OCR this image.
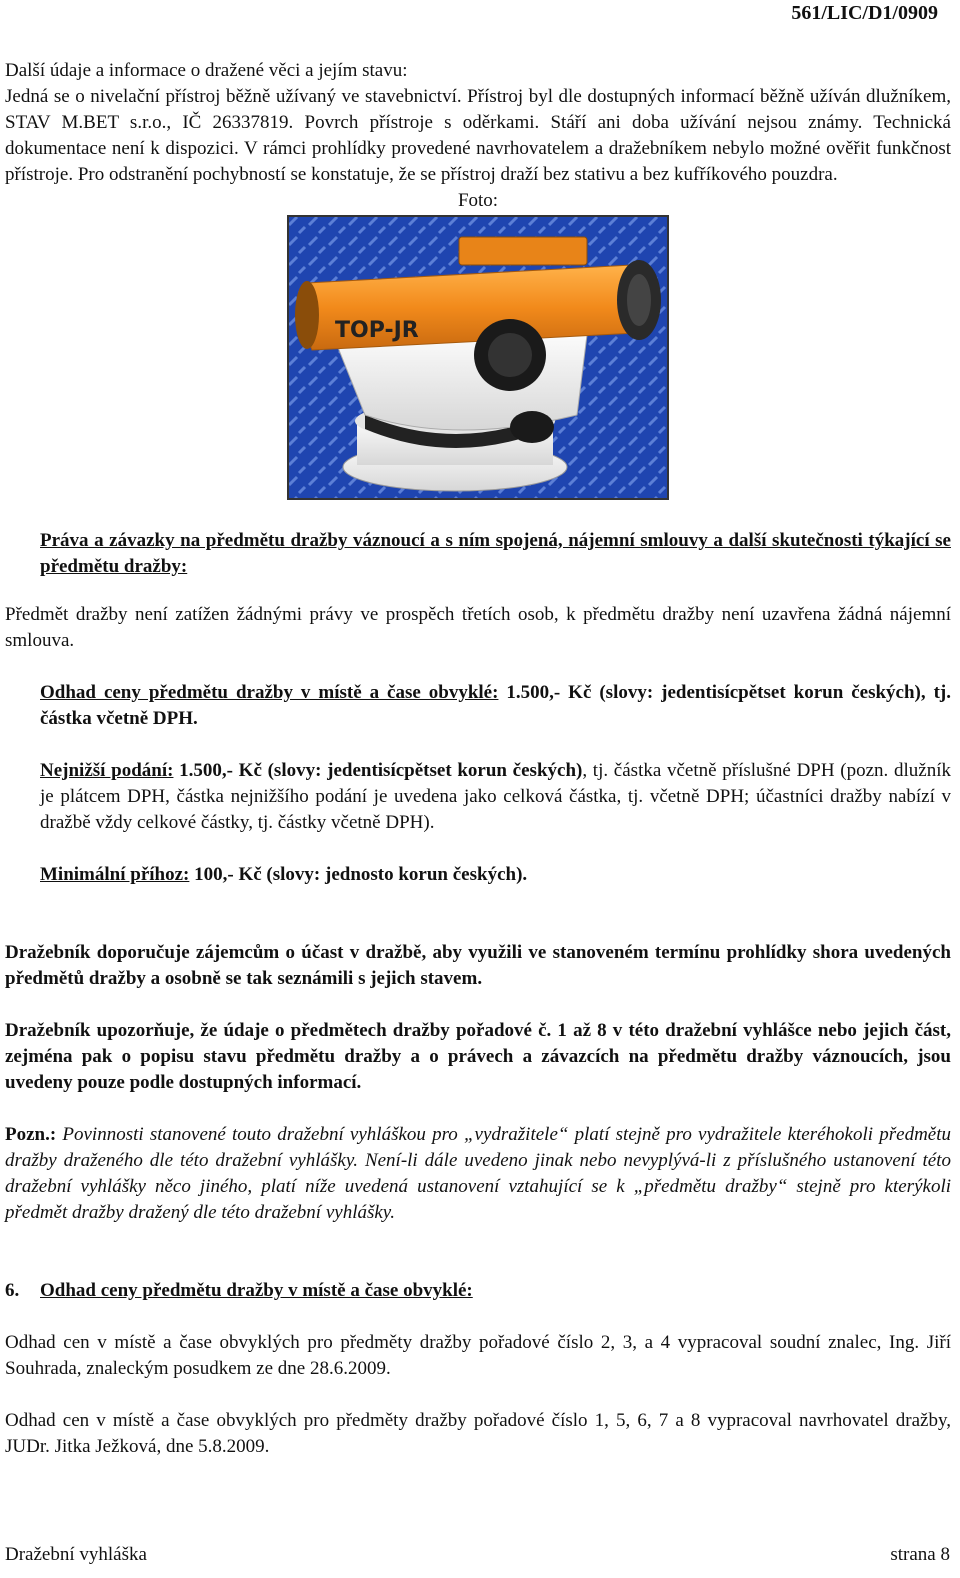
561/LIC/D1/0909

Další údaje a informace o dražené věci a jejím stavu:

Jedná se o nivelační přístroj běžně užívaný ve stavebnictví. Přístroj byl dle dostupných informací běžně užíván dlužníkem, STAV M.BET s.r.o., IČ 26337819. Povrch přístroje s oděrkami. Stáří ani doba užívání nejsou známy. Technická dokumentace není k dispozici. V rámci prohlídky provedené navrhovatelem a dražebníkem nebylo možné ověřit funkčnost přístroje. Pro odstranění pochybností se konstatuje, že se přístroj draží bez stativu a bez kufříkového pouzdra.

Foto:

TOP-JR

Práva a závazky na předmětu dražby váznoucí a s ním spojená, nájemní smlouvy a další skutečnosti týkající se předmětu dražby:

Předmět dražby není zatížen žádnými právy ve prospěch třetích osob, k předmětu dražby není uzavřena žádná nájemní smlouva.

Odhad ceny předmětu dražby v místě a čase obvyklé: 1.500,- Kč (slovy: jedentisícpětset korun českých), tj. částka včetně DPH.

Nejnižší podání: 1.500,- Kč (slovy: jedentisícpětset korun českých), tj. částka včetně příslušné DPH (pozn. dlužník je plátcem DPH, částka nejnižšího podání je uvedena jako celková částka, tj. včetně DPH; účastníci dražby nabízí v dražbě vždy celkové částky, tj. částky včetně DPH).

Minimální příhoz: 100,- Kč (slovy: jednosto korun českých).

Dražebník doporučuje zájemcům o účast v dražbě, aby využili ve stanoveném termínu prohlídky shora uvedených předmětů dražby a osobně se tak seznámili s jejich stavem.

Dražebník upozorňuje, že údaje o předmětech dražby pořadové č. 1 až 8 v této dražební vyhlášce nebo jejich část, zejména pak o popisu stavu předmětu dražby a o právech a závazcích na předmětu dražby váznoucích, jsou uvedeny pouze podle dostupných informací.

Pozn.: Povinnosti stanovené touto dražební vyhláškou pro „vydražitele“ platí stejně pro vydražitele kteréhokoli předmětu dražby draženého dle této dražební vyhlášky. Není-li dále uvedeno jinak nebo nevyplývá-li z příslušného ustanovení této dražební vyhlášky něco jiného, platí níže uvedená ustanovení vztahující se k „předmětu dražby“ stejně pro kterýkoli předmět dražby dražený dle této dražební vyhlášky.

6. Odhad ceny předmětu dražby v místě a čase obvyklé:

Odhad cen v místě a čase obvyklých pro předměty dražby pořadové číslo 2, 3, a 4 vypracoval soudní znalec, Ing. Jiří Souhrada, znaleckým posudkem ze dne 28.6.2009.

Odhad cen v místě a čase obvyklých pro předměty dražby pořadové číslo 1, 5, 6, 7 a 8 vypracoval navrhovatel dražby, JUDr. Jitka Ježková, dne 5.8.2009.

Dražební vyhláška	strana 8
